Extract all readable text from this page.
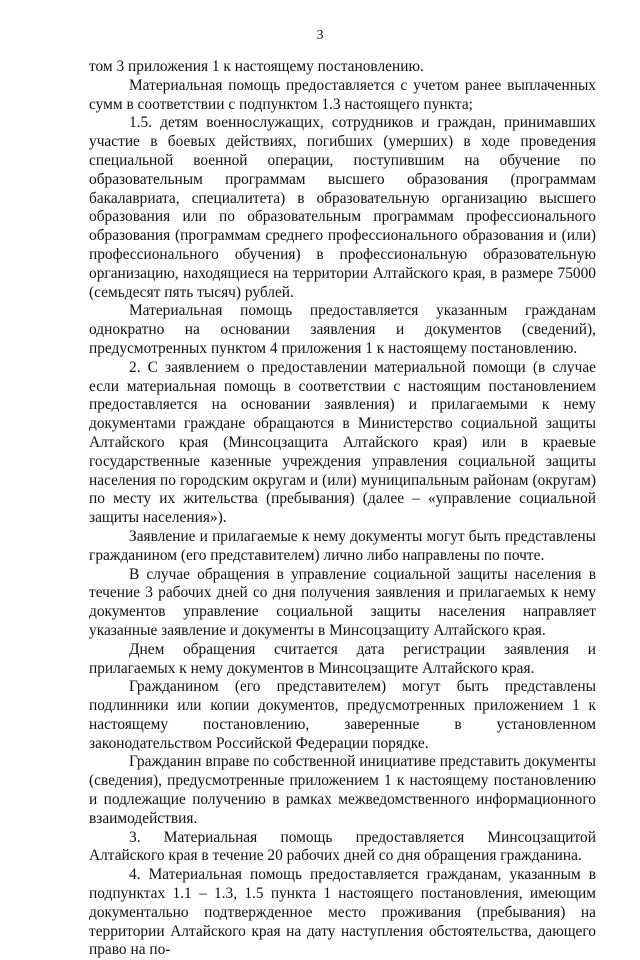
3

том 3 приложения 1 к настоящему постановлению.

Материальная помощь предоставляется с учетом ранее выплаченных сумм в соответствии с подпунктом 1.3 настоящего пункта;

1.5. детям военнослужащих, сотрудников и граждан, принимавших участие в боевых действиях, погибших (умерших) в ходе проведения специальной военной операции, поступившим на обучение по образовательным программам высшего образования (программам бакалавриата, специалитета) в образовательную организацию высшего образования или по образовательным программам профессионального образования (программам среднего профессионального образования и (или) профессионального обучения) в профессиональную образовательную организацию, находящиеся на территории Алтайского края, в размере 75000 (семьдесят пять тысяч) рублей.

Материальная помощь предоставляется указанным гражданам однократно на основании заявления и документов (сведений), предусмотренных пунктом 4 приложения 1 к настоящему постановлению.

2. С заявлением о предоставлении материальной помощи (в случае если материальная помощь в соответствии с настоящим постановлением предоставляется на основании заявления) и прилагаемыми к нему документами граждане обращаются в Министерство социальной защиты Алтайского края (Минсоцзащита Алтайского края) или в краевые государственные казенные учреждения управления социальной защиты населения по городским округам и (или) муниципальным районам (округам) по месту их жительства (пребывания) (далее – «управление социальной защиты населения»).

Заявление и прилагаемые к нему документы могут быть представлены гражданином (его представителем) лично либо направлены по почте.

В случае обращения в управление социальной защиты населения в течение 3 рабочих дней со дня получения заявления и прилагаемых к нему документов управление социальной защиты населения направляет указанные заявление и документы в Минсоцзащиту Алтайского края.

Днем обращения считается дата регистрации заявления и прилагаемых к нему документов в Минсоцзащите Алтайского края.

Гражданином (его представителем) могут быть представлены подлинники или копии документов, предусмотренных приложением 1 к настоящему постановлению, заверенные в установленном законодательством Российской Федерации порядке.

Гражданин вправе по собственной инициативе представить документы (сведения), предусмотренные приложением 1 к настоящему постановлению и подлежащие получению в рамках межведомственного информационного взаимодействия.

3. Материальная помощь предоставляется Минсоцзащитой Алтайского края в течение 20 рабочих дней со дня обращения гражданина.

4. Материальная помощь предоставляется гражданам, указанным в подпунктах 1.1 – 1.3, 1.5 пункта 1 настоящего постановления, имеющим документально подтвержденное место проживания (пребывания) на территории Алтайского края на дату наступления обстоятельства, дающего право на по-
